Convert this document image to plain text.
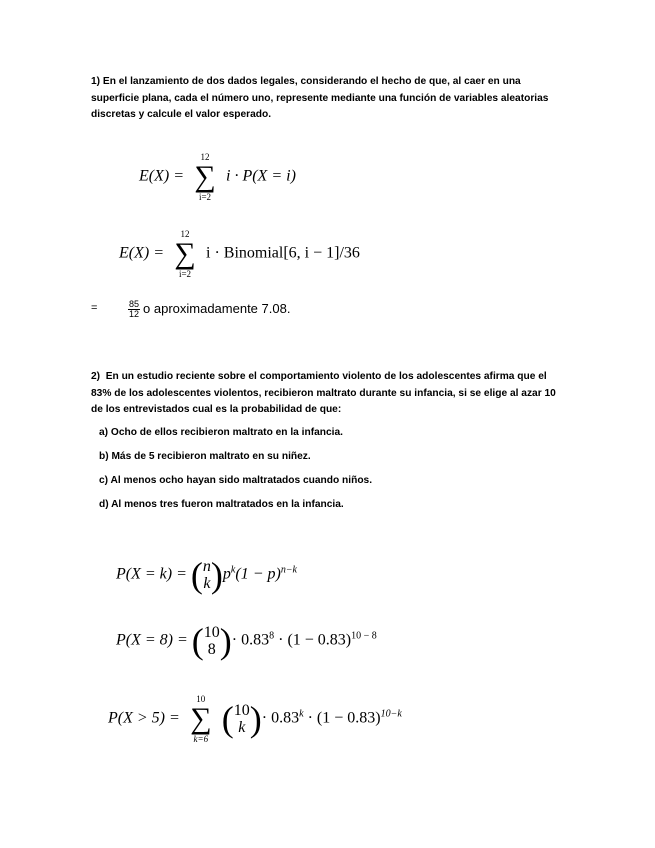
1) En el lanzamiento de dos dados legales, considerando el hecho de que, al caer en una superficie plana, cada el número uno, represente mediante una función de variables aleatorias discretas y calcule el valor esperado.
E(X) =
12
∑
i=2
i · P(X = i)
E(X) =
12
∑
i=2
i · Binomial[6, i − 1]/36
=	$\frac{85}{12}$ o aproximadamente 7.08.
2) En un estudio reciente sobre el comportamiento violento de los adolescentes afirma que el 83% de los adolescentes violentos, recibieron maltrato durante su infancia, si se elige al azar 10 de los entrevistados cual es la probabilidad de que:
a) Ocho de ellos recibieron maltrato en la infancia.
b) Más de 5 recibieron maltrato en su niñez.
c) Al menos ocho hayan sido maltratados cuando niños.
d) Al menos tres fueron maltratados en la infancia.
P(X = k) = ( n
k )$p^k(1 - p)^{n-k}$
P(X = 8) = ( 10
8 )· $0.83^8 \cdot (1 - 0.83)^{10 - 8}$
P(X > 5) =
10
∑
k=6 ( 10
k )· $0.83^k \cdot (1 - 0.83)^{10-k}$
